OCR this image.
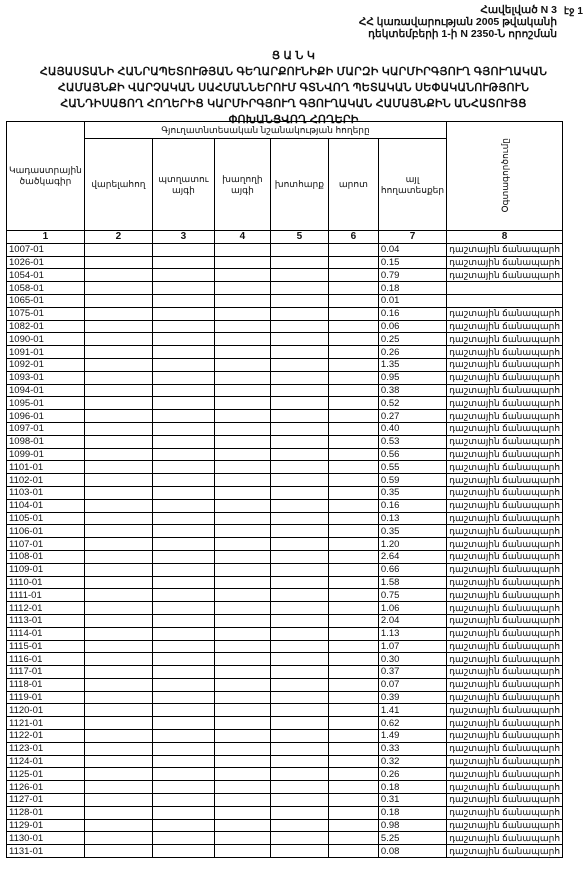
էջ 1
Հավելված N 3
ՀՀ կառավարության 2005 թվականի
դեկտեմբերի 1-ի N 2350-Ն որոշման
Ց Ա Ն Կ
ՀԱՅԱՍՏԱՆԻ ՀԱՆՐԱՊԵՏՈՒԹՅԱՆ ԳԵՂԱՐՔՈՒՆԻՔԻ ՄԱՐԶԻ ԿԱՐՄԻՐԳՅՈՒՂ ԳՅՈՒՂԱԿԱՆ
ՀԱՄԱՅՆՔԻ ՎԱՐՉԱԿԱՆ ՍԱՀՄԱՆՆԵՐՈՒՄ ԳՏՆՎՈՂ ՊԵՏԱԿԱՆ ՍԵՓԱԿԱՆՈՒԹՅՈՒՆ
ՀԱՆԴԻՍԱՑՈՂ ՀՈՂԵՐԻՑ ԿԱՐՄԻՐԳՅՈՒՂ ԳՅՈՒՂԱԿԱՆ ՀԱՄԱՅՆՔԻՆ ԱՆՀԱՏՈՒՅՑ
ՓՈԽԱՆՑՎՈՂ ՀՈՂԵՐԻ
Կադաստրային ծածկագիր	Գյուղատնտեսական նշանակության հողերը						Օգտագործումը
	վարելահող	պտղատու այգի	խաղողի այգի	խոտհարք	արոտ	այլ հողատեսքեր	
1	2	3	4	5	6	7	8
1007-01						0.04	դաշտային ճանապարհ
1026-01						0.15	դաշտային ճանապարհ
1054-01						0.79	դաշտային ճանապարհ
1058-01						0.18	
1065-01						0.01	
1075-01						0.16	դաշտային ճանապարհ
1082-01						0.06	դաշտային ճանապարհ
1090-01						0.25	դաշտային ճանապարհ
1091-01						0.26	դաշտային ճանապարհ
1092-01						1.35	դաշտային ճանապարհ
1093-01						0.95	դաշտային ճանապարհ
1094-01						0.38	դաշտային ճանապարհ
1095-01						0.52	դաշտային ճանապարհ
1096-01						0.27	դաշտային ճանապարհ
1097-01						0.40	դաշտային ճանապարհ
1098-01						0.53	դաշտային ճանապարհ
1099-01						0.56	դաշտային ճանապարհ
1101-01						0.55	դաշտային ճանապարհ
1102-01						0.59	դաշտային ճանապարհ
1103-01						0.35	դաշտային ճանապարհ
1104-01						0.16	դաշտային ճանապարհ
1105-01						0.13	դաշտային ճանապարհ
1106-01						0.35	դաշտային ճանապարհ
1107-01						1.20	դաշտային ճանապարհ
1108-01						2.64	դաշտային ճանապարհ
1109-01						0.66	դաշտային ճանապարհ
1110-01						1.58	դաշտային ճանապարհ
1111-01						0.75	դաշտային ճանապարհ
1112-01						1.06	դաշտային ճանապարհ
1113-01						2.04	դաշտային ճանապարհ
1114-01						1.13	դաշտային ճանապարհ
1115-01						1.07	դաշտային ճանապարհ
1116-01						0.30	դաշտային ճանապարհ
1117-01						0.37	դաշտային ճանապարհ
1118-01						0.07	դաշտային ճանապարհ
1119-01						0.39	դաշտային ճանապարհ
1120-01						1.41	դաշտային ճանապարհ
1121-01						0.62	դաշտային ճանապարհ
1122-01						1.49	դաշտային ճանապարհ
1123-01						0.33	դաշտային ճանապարհ
1124-01						0.32	դաշտային ճանապարհ
1125-01						0.26	դաշտային ճանապարհ
1126-01						0.18	դաշտային ճանապարհ
1127-01						0.31	դաշտային ճանապարհ
1128-01						0.18	դաշտային ճանապարհ
1129-01						0.98	դաշտային ճանապարհ
1130-01						5.25	դաշտային ճանապարհ
1131-01						0.08	դաշտային ճանապարհ
